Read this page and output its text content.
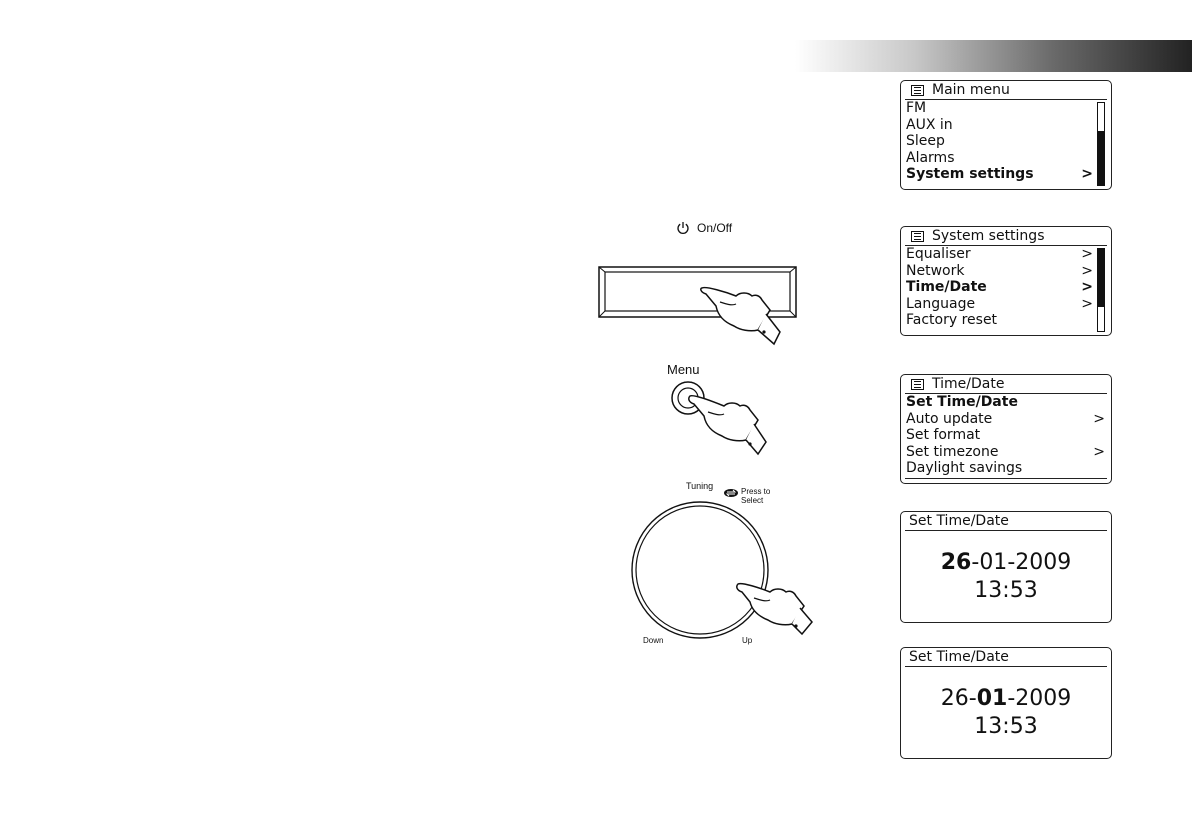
Main menu
FM
AUX in
Sleep
Alarms
System settings	>
System settings
Equaliser	>
Network	>
Time/Date	>
Language	>
Factory reset
Time/Date
Set Time/Date
Auto update	>
Set format
Set timezone	>
Daylight savings
Set Time/Date
26-01-2009
13:53
Set Time/Date
26-01-2009
13:53
On/Off
Menu
Tuning
Press to
Select
Down	Up
